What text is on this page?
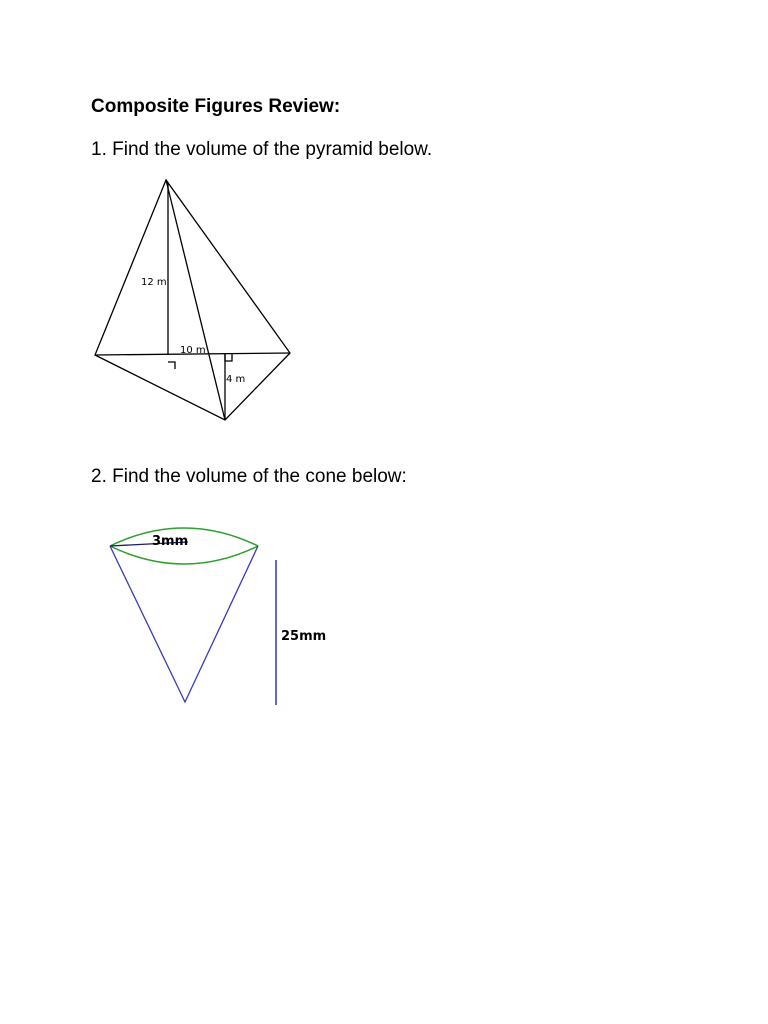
Composite Figures Review:

1. Find the volume of the pyramid below.

12 m
10 m
4 m

2. Find the volume of the cone below:

3mm
25mm
